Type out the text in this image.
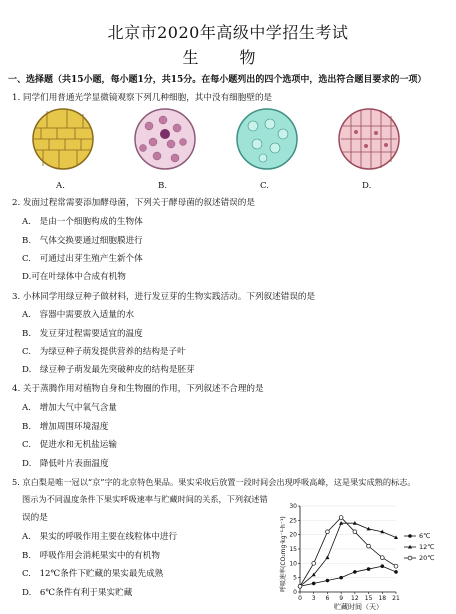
北京市2020年高级中学招生考试
生 物
一、选择题（共15小题，每小题1分，共15分。在每小题列出的四个选项中，选出符合题目要求的一项）
1. 同学们用普通光学显微镜观察下列几种细胞，其中没有细胞壁的是
A.	B.	C.	D.
2. 发面过程常需要添加酵母菌，下列关于酵母菌的叙述错误的是
A.　是由一个细胞构成的生物体
B.　气体交换要通过细胞膜进行
C.　可通过出芽生殖产生新个体
D.可在叶绿体中合成有机物
3. 小林同学用绿豆种子做材料，进行发豆芽的生物实践活动。下列叙述错误的是
A.　容器中需要放入适量的水
B.　发豆芽过程需要适宜的温度
C.　为绿豆种子萌发提供营养的结构是子叶
D.　绿豆种子萌发最先突破种皮的结构是胚芽
4. 关于蒸腾作用对植物自身和生物圈的作用，下列叙述不合理的是
A.　增加大气中氧气含量
B.　增加周围环境湿度
C.　促进水和无机盐运输
D.　降低叶片表面温度
5. 京白梨是唯一冠以“京”字的北京特色果品。果实采收后放置一段时间会出现呼吸高峰，这是果实成熟的标志。
图示为不同温度条件下果实呼吸速率与贮藏时间的关系，下列叙述错
误的是
A.　果实的呼吸作用主要在线粒体中进行
B.　呼吸作用会消耗果实中的有机物
C.　12℃条件下贮藏的果实最先成熟
D.　6℃条件有利于果实贮藏
0 3 6 9 12 15 18 21
0
5
10
15
20
25
30
6℃
12℃
20℃
呼吸速率(CO₂mg·kg⁻¹·h⁻¹)
贮藏时间（天）
